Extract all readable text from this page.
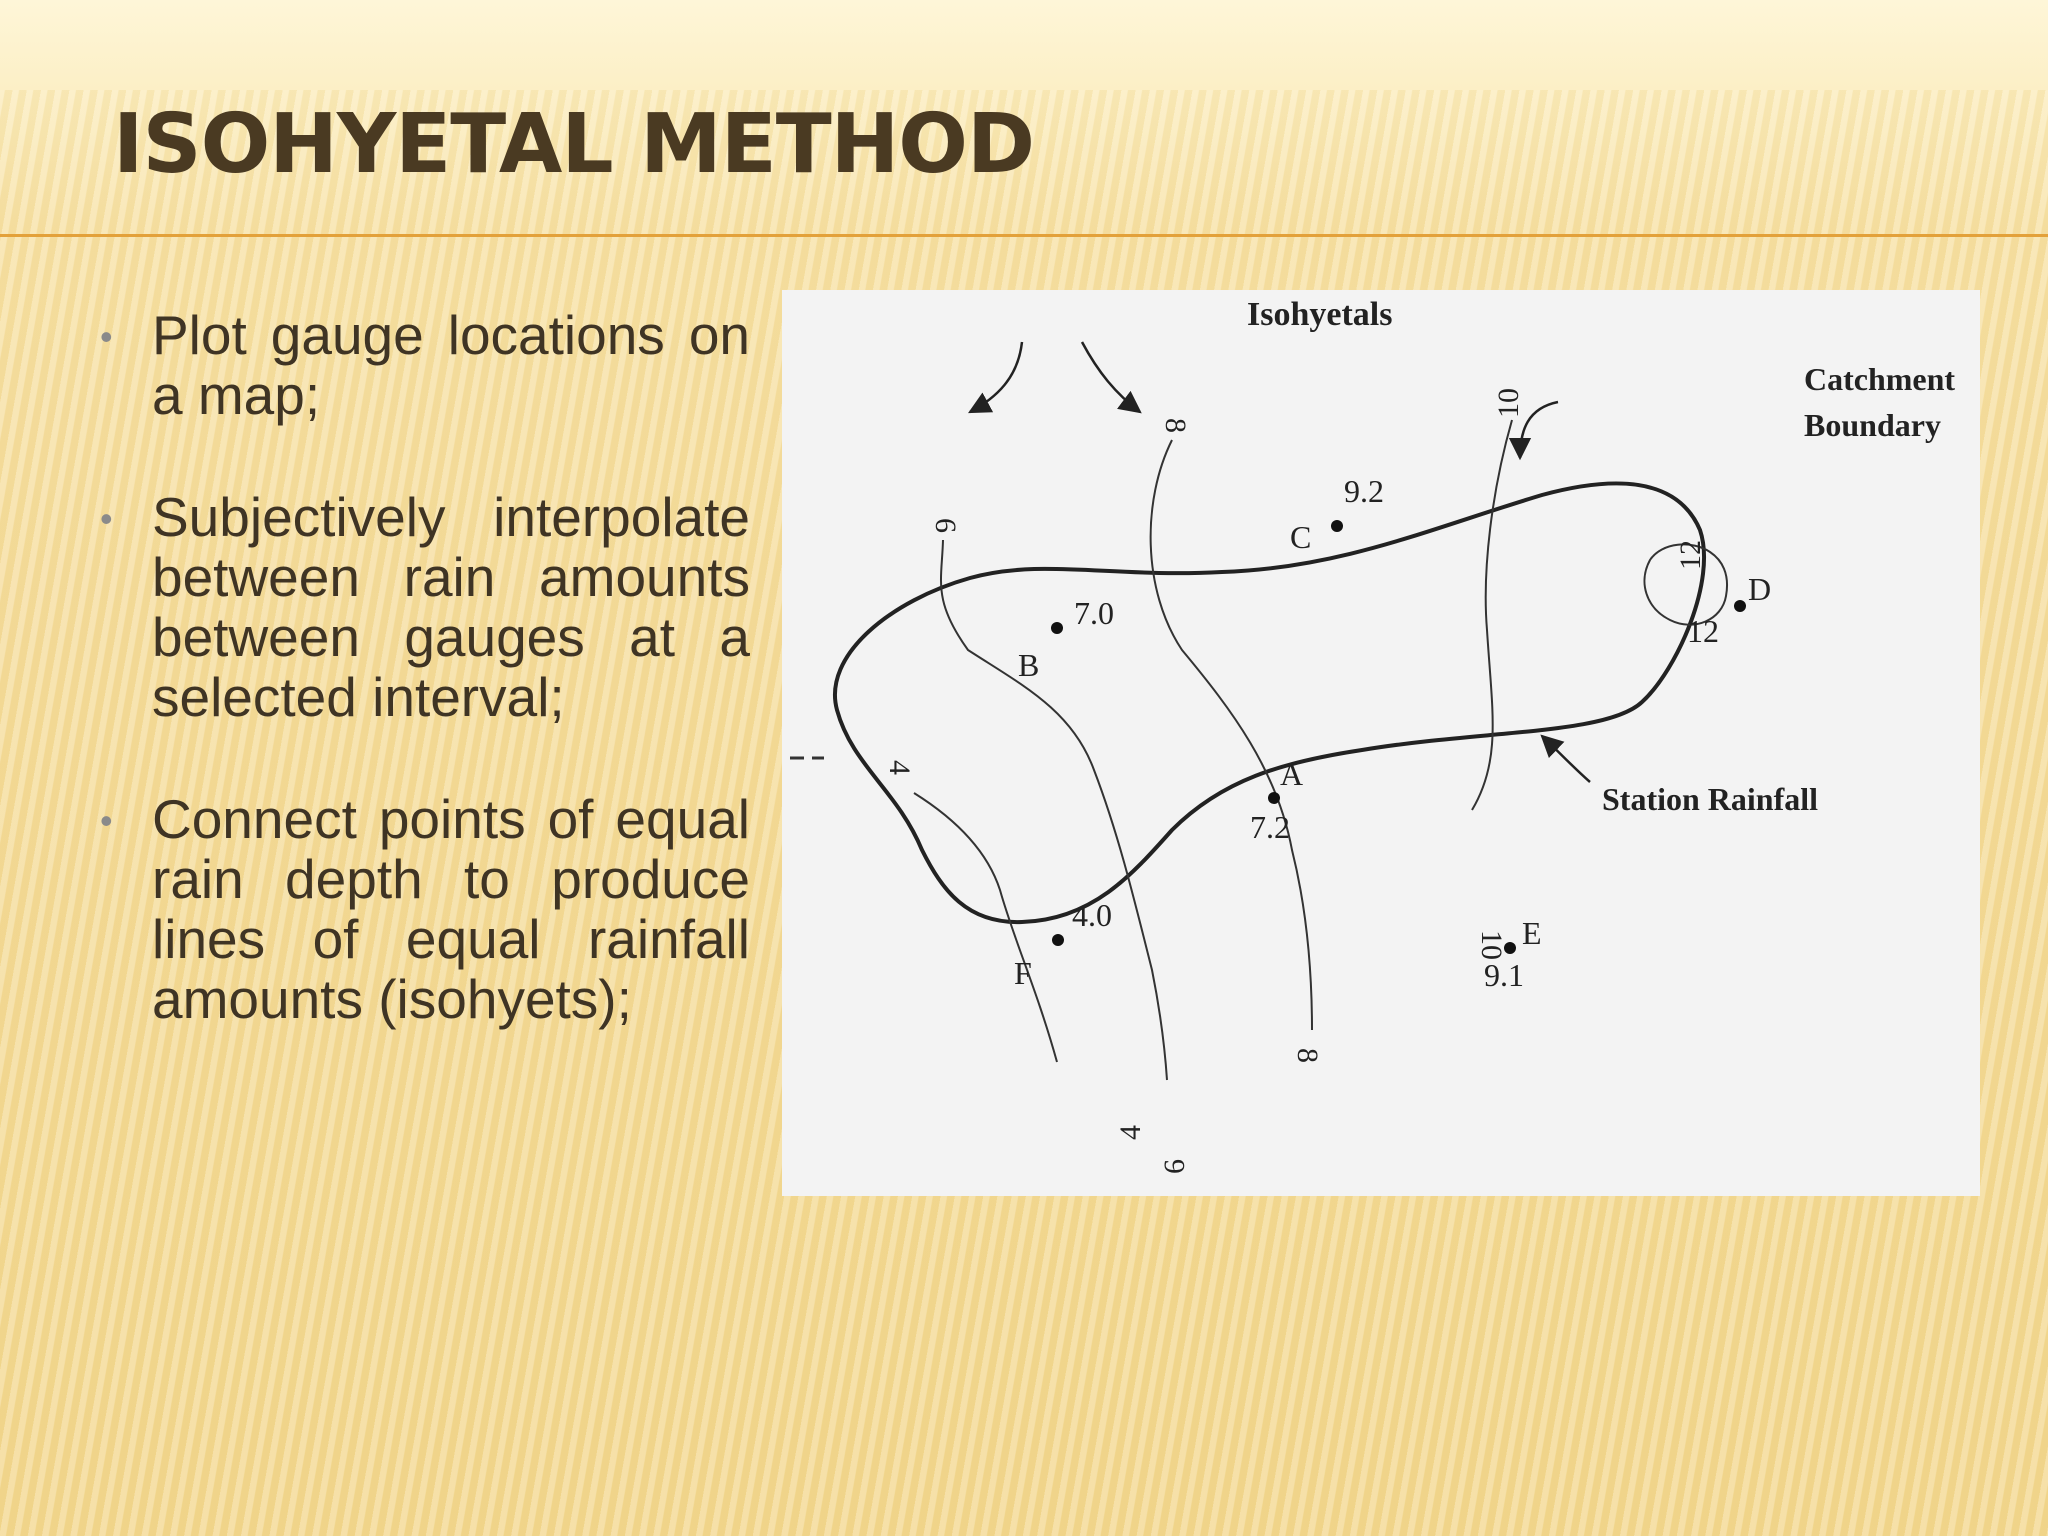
ISOHYETAL METHOD
• Plot gauge locations on a map;
• Subjectively interpolate between rain amounts between gauges at a selected interval;
• Connect points of equal rain depth to produce lines of equal rainfall amounts (isohyets);
Isohyetals
Catchment
Boundary
Station Rainfall
A
7.2
B
7.0
C
9.2
D
12
E
9.1
F
4.0
4
4
6
6
8
8
10
10
12
